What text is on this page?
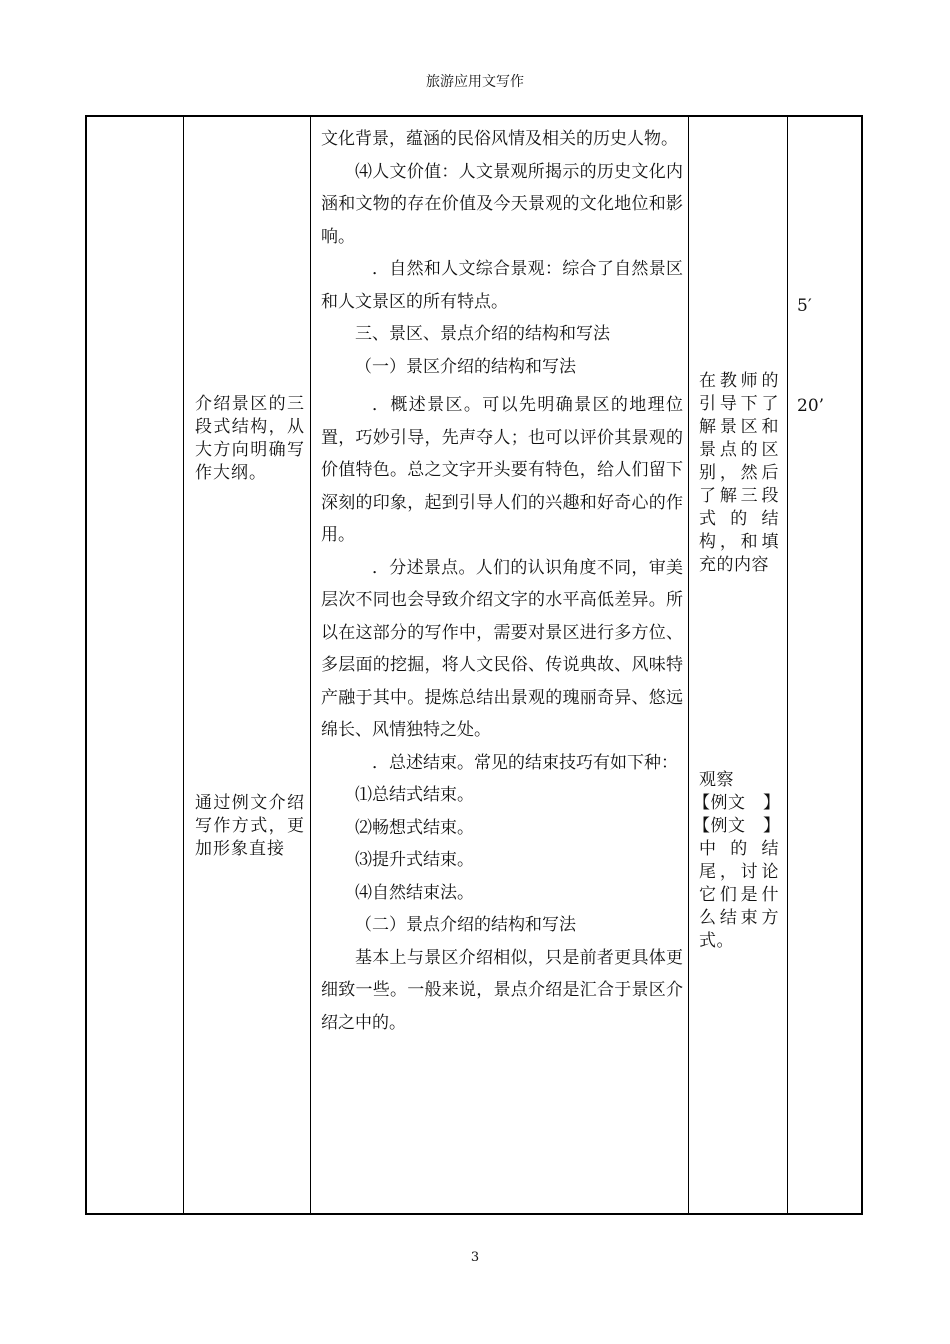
旅游应用文写作

介绍景区的三段式结构，从大方向明确写作大纲。

通过例文介绍写作方式，更加形象直接

文化背景，蕴涵的民俗风情及相关的历史人物。

⑷人文价值：人文景观所揭示的历史文化内涵和文物的存在价值及今天景观的文化地位和影响。

．自然和人文综合景观：综合了自然景区和人文景区的所有特点。

三、景区、景点介绍的结构和写法

（一）景区介绍的结构和写法

．概述景区。可以先明确景区的地理位置，巧妙引导，先声夺人；也可以评价其景观的价值特色。总之文字开头要有特色，给人们留下深刻的印象，起到引导人们的兴趣和好奇心的作用。

．分述景点。人们的认识角度不同，审美层次不同也会导致介绍文字的水平高低差异。所以在这部分的写作中，需要对景区进行多方位、多层面的挖掘，将人文民俗、传说典故、风味特产融于其中。提炼总结出景观的瑰丽奇异、悠远绵长、风情独特之处。

．总述结束。常见的结束技巧有如下种：

⑴总结式结束。

⑵畅想式结束。

⑶提升式结束。

⑷自然结束法。

（二）景点介绍的结构和写法

基本上与景区介绍相似，只是前者更具体更细致一些。一般来说，景点介绍是汇合于景区介绍之中的。

在教师的引导下了解景区和景点的区别，然后了解三段式的结构，和填充的内容

观察

【例文　】

【例文　】

中的结尾，讨论它们是什么结束方式。

5′
20’
3
